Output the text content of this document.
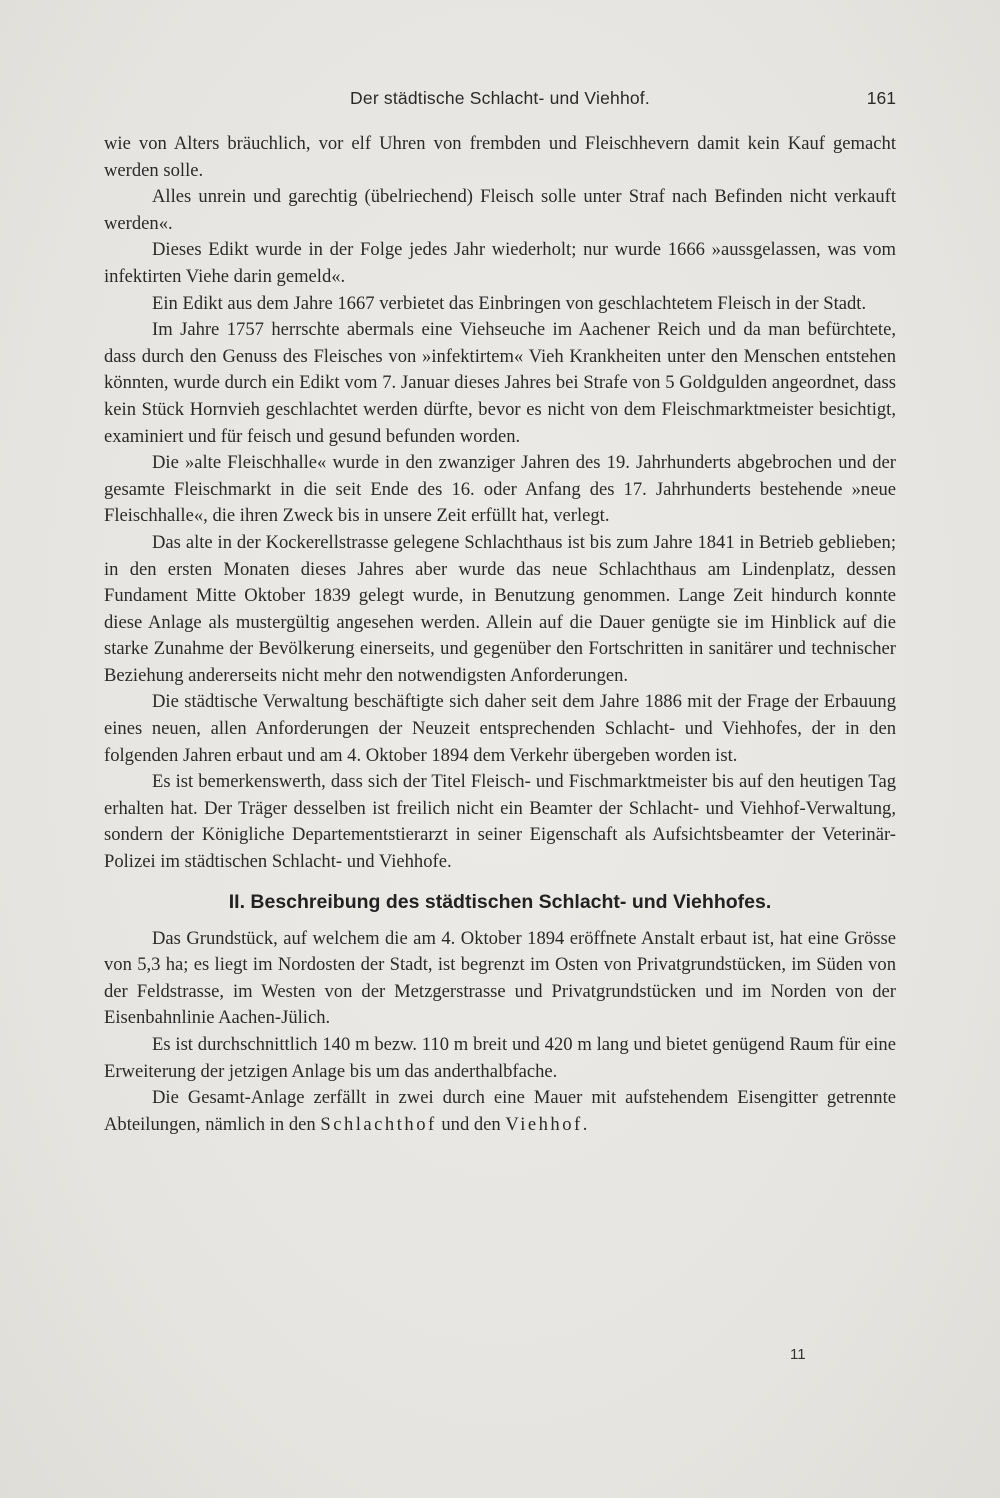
Der städtische Schlacht- und Viehhof.	161

wie von Alters bräuchlich, vor elf Uhren von frembden und Fleischhevern damit kein Kauf gemacht werden solle.

Alles unrein und garechtig (übelriechend) Fleisch solle unter Straf nach Befinden nicht verkauft werden«.

Dieses Edikt wurde in der Folge jedes Jahr wiederholt; nur wurde 1666 »aussgelassen, was vom infektirten Viehe darin gemeld«.

Ein Edikt aus dem Jahre 1667 verbietet das Einbringen von geschlachtetem Fleisch in der Stadt.

Im Jahre 1757 herrschte abermals eine Viehseuche im Aachener Reich und da man befürchtete, dass durch den Genuss des Fleisches von »infektirtem« Vieh Krankheiten unter den Menschen entstehen könnten, wurde durch ein Edikt vom 7. Januar dieses Jahres bei Strafe von 5 Goldgulden angeordnet, dass kein Stück Hornvieh geschlachtet werden dürfte, bevor es nicht von dem Fleischmarktmeister besichtigt, examiniert und für feisch und gesund befunden worden.

Die »alte Fleischhalle« wurde in den zwanziger Jahren des 19. Jahrhunderts abgebrochen und der gesamte Fleischmarkt in die seit Ende des 16. oder Anfang des 17. Jahrhunderts bestehende »neue Fleischhalle«, die ihren Zweck bis in unsere Zeit erfüllt hat, verlegt.

Das alte in der Kockerellstrasse gelegene Schlachthaus ist bis zum Jahre 1841 in Betrieb geblieben; in den ersten Monaten dieses Jahres aber wurde das neue Schlachthaus am Lindenplatz, dessen Fundament Mitte Oktober 1839 gelegt wurde, in Benutzung genommen. Lange Zeit hindurch konnte diese Anlage als mustergültig angesehen werden. Allein auf die Dauer genügte sie im Hinblick auf die starke Zunahme der Bevölkerung einerseits, und gegenüber den Fortschritten in sanitärer und technischer Beziehung andererseits nicht mehr den notwendigsten Anforderungen.

Die städtische Verwaltung beschäftigte sich daher seit dem Jahre 1886 mit der Frage der Erbauung eines neuen, allen Anforderungen der Neuzeit entsprechenden Schlacht- und Viehhofes, der in den folgenden Jahren erbaut und am 4. Oktober 1894 dem Verkehr übergeben worden ist.

Es ist bemerkenswerth, dass sich der Titel Fleisch- und Fischmarktmeister bis auf den heutigen Tag erhalten hat. Der Träger desselben ist freilich nicht ein Beamter der Schlacht- und Viehhof-Verwaltung, sondern der Königliche Departementstierarzt in seiner Eigenschaft als Aufsichtsbeamter der Veterinär-Polizei im städtischen Schlacht- und Viehhofe.

II. Beschreibung des städtischen Schlacht- und Viehhofes.

Das Grundstück, auf welchem die am 4. Oktober 1894 eröffnete Anstalt erbaut ist, hat eine Grösse von 5,3 ha; es liegt im Nordosten der Stadt, ist begrenzt im Osten von Privatgrundstücken, im Süden von der Feldstrasse, im Westen von der Metzgerstrasse und Privatgrundstücken und im Norden von der Eisenbahnlinie Aachen-Jülich.

Es ist durchschnittlich 140 m bezw. 110 m breit und 420 m lang und bietet genügend Raum für eine Erweiterung der jetzigen Anlage bis um das anderthalbfache.

Die Gesamt-Anlage zerfällt in zwei durch eine Mauer mit aufstehendem Eisengitter getrennte Abteilungen, nämlich in den Schlachthof und den Viehhof.

11
